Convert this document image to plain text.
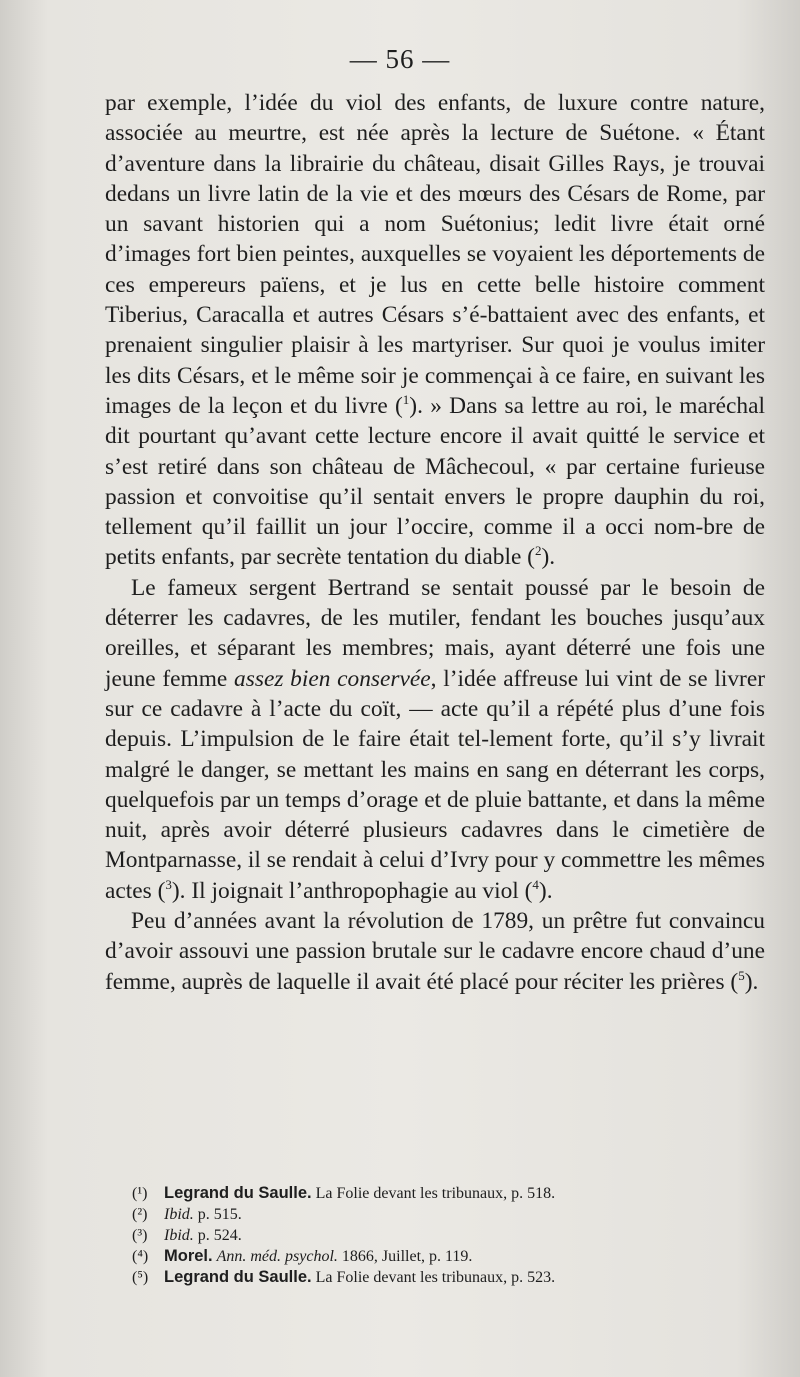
— 56 —

par exemple, l’idée du viol des enfants, de luxure contre nature, associée au meurtre, est née après la lecture de Suétone. « Étant d’aventure dans la librairie du château, disait Gilles Rays, je trouvai dedans un livre latin de la vie et des mœurs des Césars de Rome, par un savant historien qui a nom Suétonius; ledit livre était orné d’images fort bien peintes, auxquelles se voyaient les déportements de ces empereurs païens, et je lus en cette belle histoire comment Tiberius, Caracalla et autres Césars s’é-battaient avec des enfants, et prenaient singulier plaisir à les martyriser. Sur quoi je voulus imiter les dits Césars, et le même soir je commençai à ce faire, en suivant les images de la leçon et du livre ($^1$). » Dans sa lettre au roi, le maréchal dit pourtant qu’avant cette lecture encore il avait quitté le service et s’est retiré dans son château de Mâchecoul, « par certaine furieuse passion et convoitise qu’il sentait envers le propre dauphin du roi, tellement qu’il faillit un jour l’occire, comme il a occi nom-bre de petits enfants, par secrète tentation du diable ($^2$).

Le fameux sergent Bertrand se sentait poussé par le besoin de déterrer les cadavres, de les mutiler, fendant les bouches jusqu’aux oreilles, et séparant les membres; mais, ayant déterré une fois une jeune femme assez bien conservée, l’idée affreuse lui vint de se livrer sur ce cadavre à l’acte du coït, — acte qu’il a répété plus d’une fois depuis. L’impulsion de le faire était tel-lement forte, qu’il s’y livrait malgré le danger, se mettant les mains en sang en déterrant les corps, quelquefois par un temps d’orage et de pluie battante, et dans la même nuit, après avoir déterré plusieurs cadavres dans le cimetière de Montparnasse, il se rendait à celui d’Ivry pour y commettre les mêmes actes ($^3$). Il joignait l’anthropophagie au viol ($^4$).

Peu d’années avant la révolution de 1789, un prêtre fut convaincu d’avoir assouvi une passion brutale sur le cadavre encore chaud d’une femme, auprès de laquelle il avait été placé pour réciter les prières ($^5$).

(¹)	Legrand du Saulle. La Folie devant les tribunaux, p. 518.
(²)	Ibid. p. 515.
(³)	Ibid. p. 524.
(⁴) Morel. Ann. méd. psychol. 1866, Juillet, p. 119.
(⁵) Legrand du Saulle. La Folie devant les tribunaux, p. 523.
